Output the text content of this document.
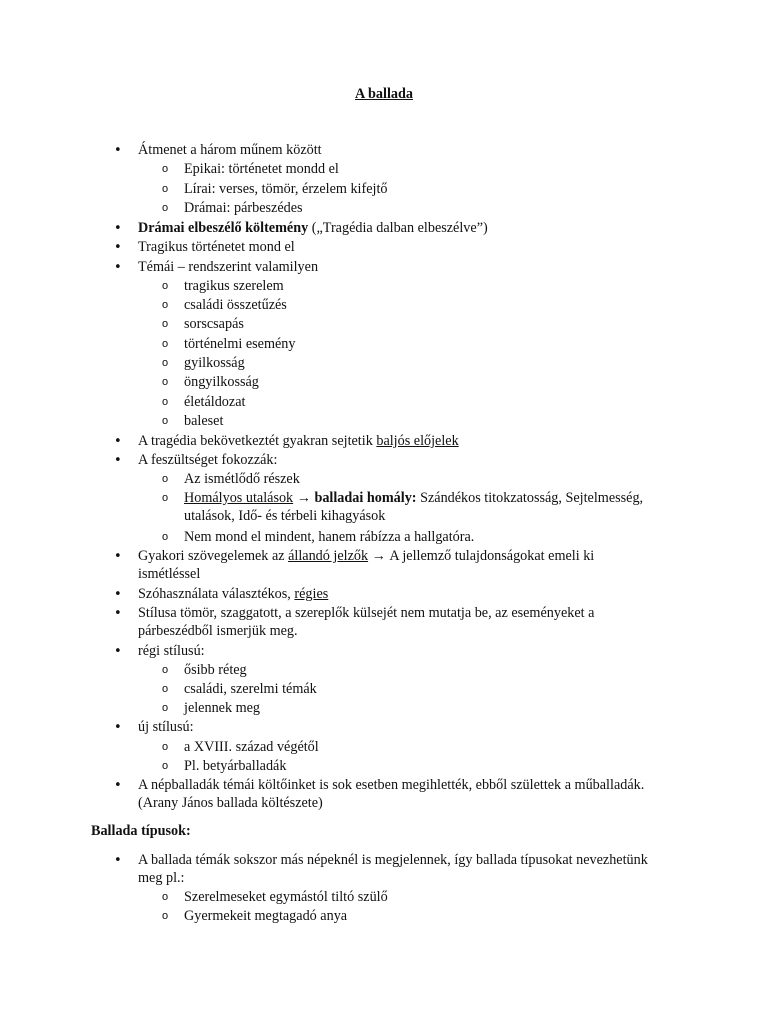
A ballada
• Átmenet a három műnem között
o Epikai: történetet mondd el
o Lírai: verses, tömör, érzelem kifejtő
o Drámai: párbeszédes
• Drámai elbeszélő költemény („Tragédia dalban elbeszélve”)
• Tragikus történetet mond el
• Témái – rendszerint valamilyen
o tragikus szerelem
o családi összetűzés
o sorscsapás
o történelmi esemény
o gyilkosság
o öngyilkosság
o életáldozat
o baleset
• A tragédia bekövetkeztét gyakran sejtetik baljós előjelek
• A feszültséget fokozzák:
o Az ismétlődő részek
o Homályos utalások → balladai homály: Szándékos titokzatosság, Sejtelmesség, utalások, Idő- és térbeli kihagyások
o Nem mond el mindent, hanem rábízza a hallgatóra.
• Gyakori szövegelemek az állandó jelzők → A jellemző tulajdonságokat emeli ki ismétléssel
• Szóhasználata választékos, régies
• Stílusa tömör, szaggatott, a szereplők külsejét nem mutatja be, az eseményeket a párbeszédből ismerjük meg.
• régi stílusú:
o ősibb réteg
o családi, szerelmi témák
o jelennek meg
• új stílusú:
o a XVIII. század végétől
o Pl. betyárballadák
• A népballadák témái költőinket is sok esetben megihlették, ebből születtek a műballadák. (Arany János ballada költészete)
Ballada típusok:
• A ballada témák sokszor más népeknél is megjelennek, így ballada típusokat nevezhetünk meg pl.:
o Szerelmeseket egymástól tiltó szülő
o Gyermekeit megtagadó anya
